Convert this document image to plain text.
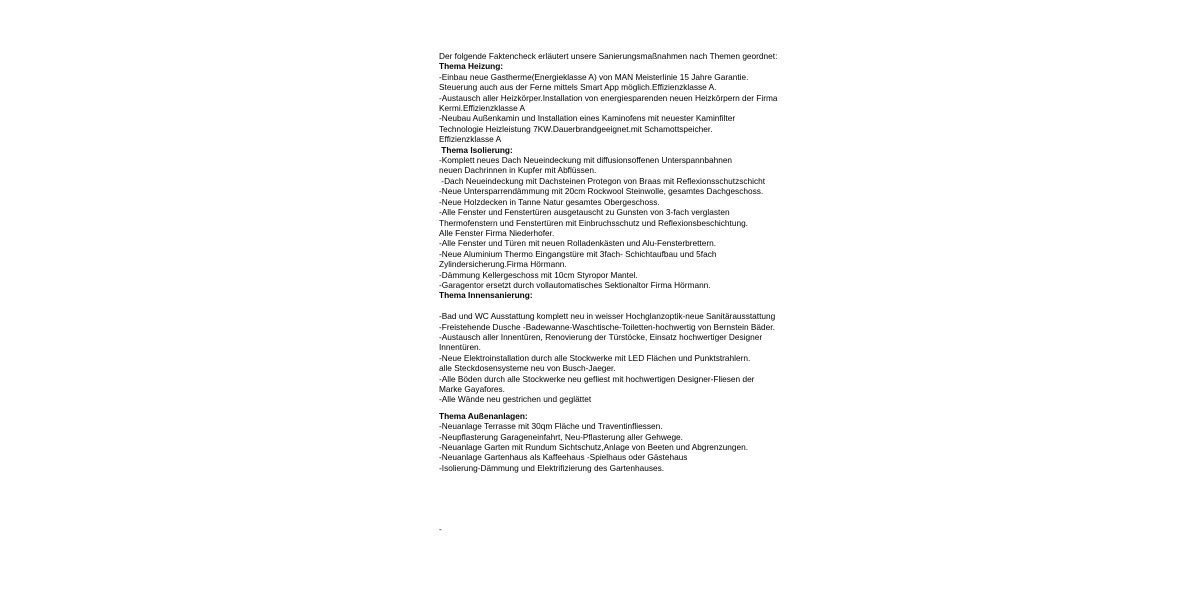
Der folgende Faktencheck erläutert unsere Sanierungsmaßnahmen nach Themen geordnet:
Thema Heizung:
-Einbau neue Gastherme(Energieklasse A) von MAN Meisterlinie 15 Jahre Garantie.
Steuerung auch aus der Ferne mittels Smart App möglich.Effizienzklasse A.
-Austausch aller Heizkörper.Installation von energiesparenden neuen Heizkörpern der Firma
Kermi.Effizienzklasse A
-Neubau Außenkamin und Installation eines Kaminofens mit neuester Kaminfilter
Technologie Heizleistung 7KW.Dauerbrandgeeignet.mit Schamottspeicher.
Effizienzklasse A
Thema Isolierung:
-Komplett neues Dach Neueindeckung mit diffusionsoffenen Unterspannbahnen
neuen Dachrinnen in Kupfer mit Abflüssen.
-Dach Neueindeckung mit Dachsteinen Protegon von Braas mit Reflexionsschutzschicht
-Neue Untersparrendämmung mit 20cm Rockwool Steinwolle, gesamtes Dachgeschoss.
-Neue Holzdecken in Tanne Natur gesamtes Obergeschoss.
-Alle Fenster und Fenstertüren ausgetauscht zu Gunsten von 3-fach verglasten
Thermofenstern und Fenstertüren mit Einbruchsschutz und Reflexionsbeschichtung.
Alle Fenster Firma Niederhofer.
-Alle Fenster und Türen mit neuen Rolladenkästen und Alu-Fensterbrettern.
-Neue Aluminium Thermo Eingangstüre mit 3fach- Schichtaufbau und 5fach
Zylindersicherung.Firma Hörmann.
-Dämmung Kellergeschoss mit 10cm Styropor Mantel.
-Garagentor ersetzt durch vollautomatisches Sektionaltor Firma Hörmann.
Thema Innensanierung:
-Bad und WC Ausstattung komplett neu in weisser Hochglanzoptik-neue Sanitärausstattung
-Freistehende Dusche -Badewanne-Waschtische-Toiletten-hochwertig von Bernstein Bäder.
-Austausch aller Innentüren, Renovierung der Türstöcke, Einsatz hochwertiger Designer
Innentüren.
-Neue Elektroinstallation durch alle Stockwerke mit LED Flächen und Punktstrahlern.
alle Steckdosensysteme neu von Busch-Jaeger.
-Alle Böden durch alle Stockwerke neu gefliest mit hochwertigen Designer-Fliesen der
Marke Gayafores.
-Alle Wände neu gestrichen und geglättet
Thema Außenanlagen:
-Neuanlage Terrasse mit 30qm Fläche und Traventinfliessen.
-Neupflasterung Garageneinfahrt, Neu-Pflasterung aller Gehwege.
-Neuanlage Garten mit Rundum Sichtschutz,Anlage von Beeten und Abgrenzungen.
-Neuanlage Gartenhaus als Kaffeehaus -Spielhaus oder Gästehaus
-Isolierung-Dämmung und Elektrifizierung des Gartenhauses.
-
